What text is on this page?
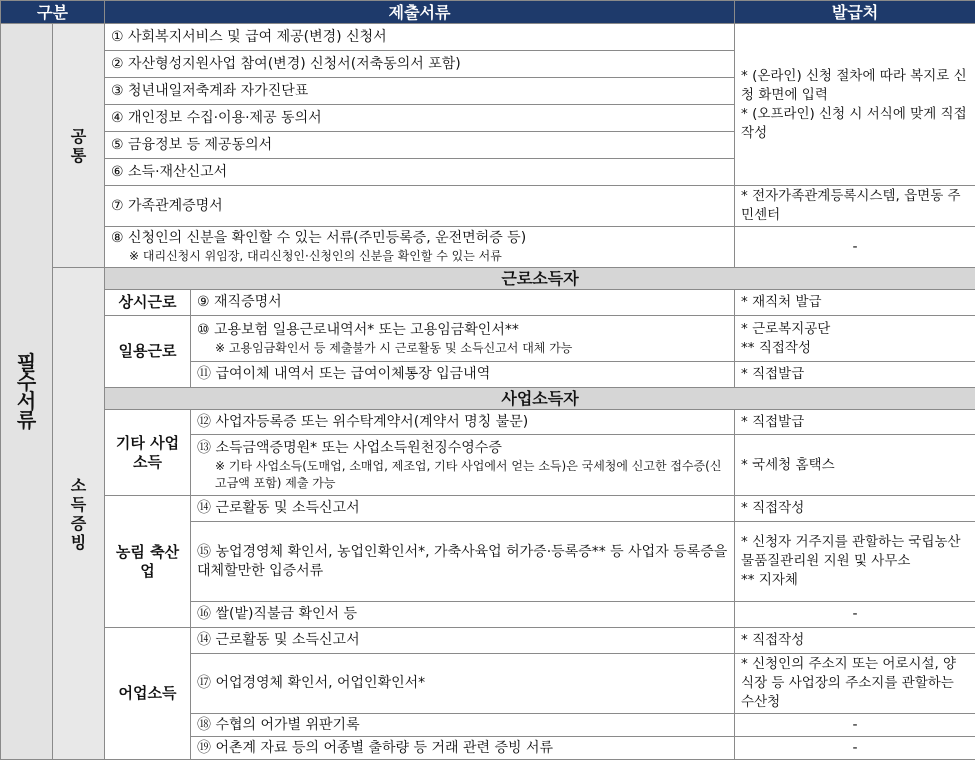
구분		제출서류		발급처
필수서류	공통	① 사회복지서비스 및 급여 제공(변경) 신청서		* (온라인) 신청 절차에 따라 복지로 신청 화면에 입력
* (오프라인) 신청 시 서식에 맞게 직접 작성

		② 자산형성지원사업 참여(변경) 신청서(저축동의서 포함)		
		③ 청년내일저축계좌 자가진단표		
		④ 개인정보 수집·이용·제공 동의서		
		⑤ 금융정보 등 제공동의서		
		⑥ 소득·재산신고서		
		⑦ 가족관계증명서		* 전자가족관계등록시스템, 읍면동 주민센터

		⑧ 신청인의 신분을 확인할 수 있는 서류(주민등록증, 운전면허증 등)
※ 대리신청시 위임장, 대리신청인·신청인의 신분을 확인할 수 있는 서류		-
	소득증빙	근로소득자		
		상시근로	⑨ 재직증명서	* 재직처 발급
		일용근로	⑩ 고용보험 일용근로내역서* 또는 고용임금확인서**
※ 고용임금확인서 등 제출불가 시 근로활동 및 소득신고서 대체 가능	* 근로복지공단
** 직접작성

			⑪ 급여이체 내역서 또는 급여이체통장 입금내역	* 직접발급
		사업소득자		
		기타 사업소득	⑫ 사업자등록증 또는 위수탁계약서(계약서 명칭 불문)	* 직접발급

			⑬ 소득금액증명원* 또는 사업소득원천징수영수증
※ 기타 사업소득(도매업, 소매업, 제조업, 기타 사업에서 얻는 소득)은 국세청에 신고한 접수증(신고금액 포함) 제출 가능	* 국세청 홈택스
		농림 축산업	⑭ 근로활동 및 소득신고서	* 직접작성
			⑮ 농업경영체 확인서, 농업인확인서*, 가축사육업 허가증·등록증** 등 사업자 등록증을 대체할만한 입증서류	* 신청자 거주지를 관할하는 국립농산물품질관리원 지원 및 사무소
** 지자체

			⑯ 쌀(밭)직불금 확인서 등	-
		어업소득	⑭ 근로활동 및 소득신고서	* 직접작성
			⑰ 어업경영체 확인서, 어업인확인서*	* 신청인의 주소지 또는 어로시설, 양식장 등 사업장의 주소지를 관할하는 수산청
			⑱ 수협의 어가별 위판기록	-
			⑲ 어촌계 자료 등의 어종별 출하량 등 거래 관련 증빙 서류	-
